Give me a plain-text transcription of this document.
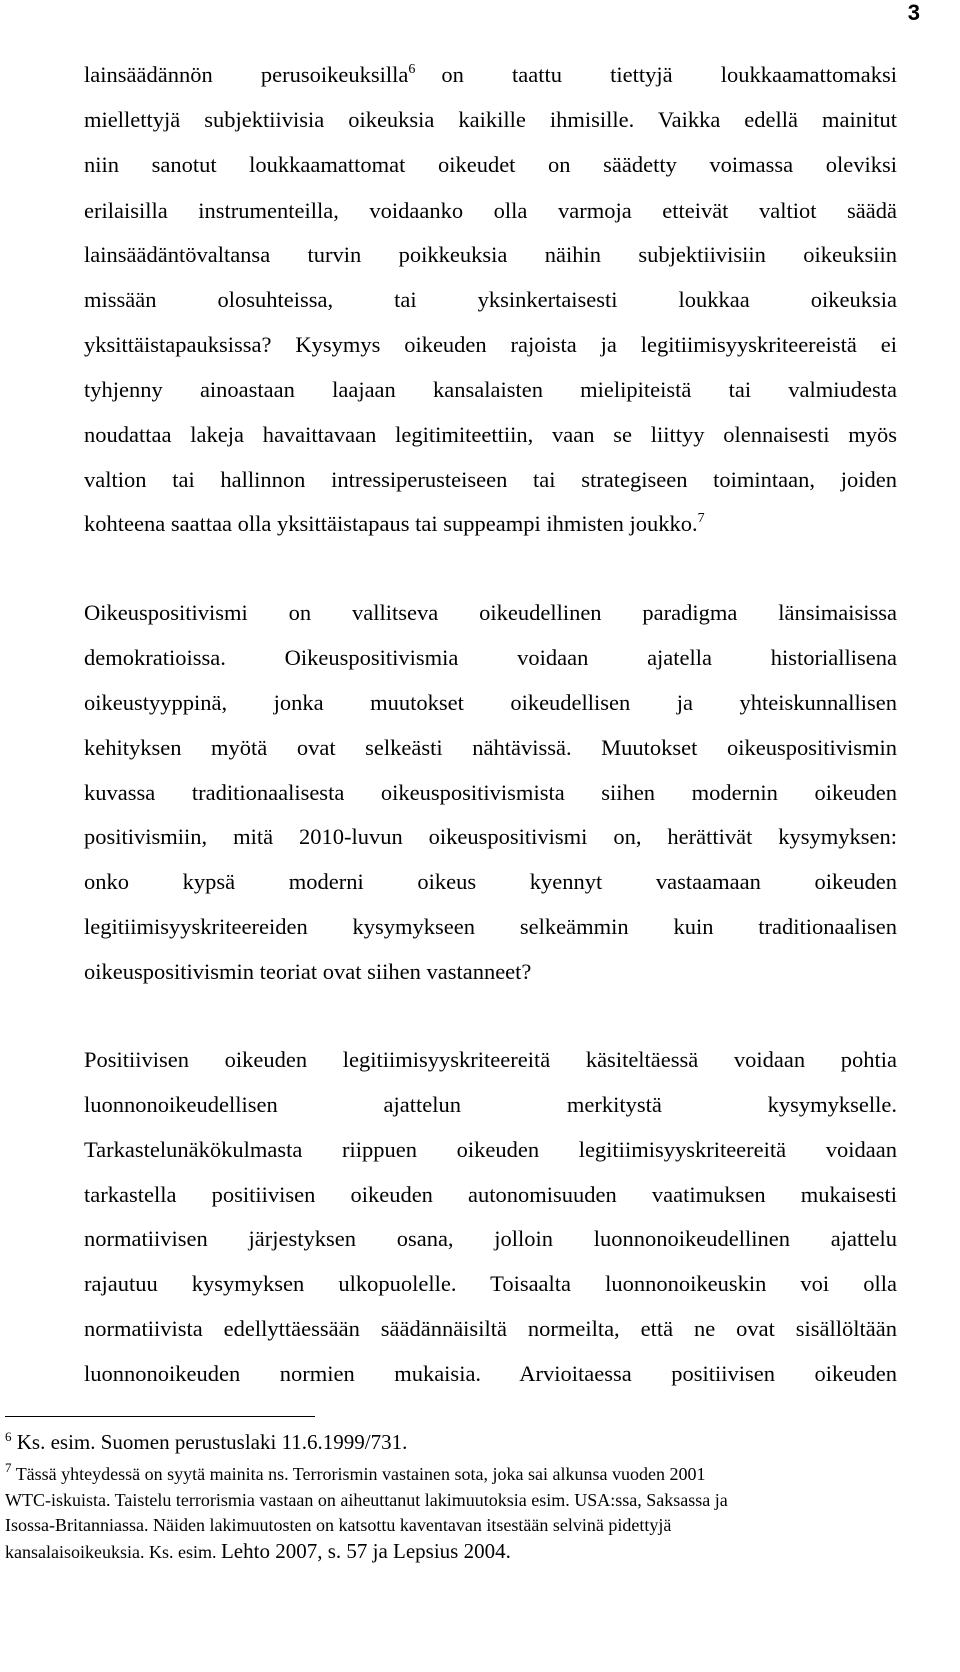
3
lainsäädännön perusoikeuksilla$^6$ on taattu tiettyjä loukkaamattomaksi
miellettyjä subjektiivisia oikeuksia kaikille ihmisille. Vaikka edellä mainitut
niin sanotut loukkaamattomat oikeudet on säädetty voimassa oleviksi
erilaisilla instrumenteilla, voidaanko olla varmoja etteivät valtiot säädä
lainsäädäntövaltansa turvin poikkeuksia näihin subjektiivisiin oikeuksiin
missään olosuhteissa, tai yksinkertaisesti loukkaa oikeuksia
yksittäistapauksissa? Kysymys oikeuden rajoista ja legitiimisyyskriteereistä ei
tyhjenny ainoastaan laajaan kansalaisten mielipiteistä tai valmiudesta
noudattaa lakeja havaittavaan legitimiteettiin, vaan se liittyy olennaisesti myös
valtion tai hallinnon intressiperusteiseen tai strategiseen toimintaan, joiden
kohteena saattaa olla yksittäistapaus tai suppeampi ihmisten joukko.$^7$
Oikeuspositivismi on vallitseva oikeudellinen paradigma länsimaisissa
demokratioissa. Oikeuspositivismia voidaan ajatella historiallisena
oikeustyyppinä, jonka muutokset oikeudellisen ja yhteiskunnallisen
kehityksen myötä ovat selkeästi nähtävissä. Muutokset oikeuspositivismin
kuvassa traditionaalisesta oikeuspositivismista siihen modernin oikeuden
positivismiin, mitä 2010-luvun oikeuspositivismi on, herättivät kysymyksen:
onko kypsä moderni oikeus kyennyt vastaamaan oikeuden
legitiimisyyskriteereiden kysymykseen selkeämmin kuin traditionaalisen
oikeuspositivismin teoriat ovat siihen vastanneet?
Positiivisen oikeuden legitiimisyyskriteereitä käsiteltäessä voidaan pohtia
luonnonoikeudellisen ajattelun merkitystä kysymykselle.
Tarkastelunäkökulmasta riippuen oikeuden legitiimisyyskriteereitä voidaan
tarkastella positiivisen oikeuden autonomisuuden vaatimuksen mukaisesti
normatiivisen järjestyksen osana, jolloin luonnonoikeudellinen ajattelu
rajautuu kysymyksen ulkopuolelle. Toisaalta luonnonoikeuskin voi olla
normatiivista edellyttäessään säädännäisiltä normeilta, että ne ovat sisällöltään
luonnonoikeuden normien mukaisia. Arvioitaessa positiivisen oikeuden
$^6$ Ks. esim. Suomen perustuslaki 11.6.1999/731.
$^7$ Tässä yhteydessä on syytä mainita ns. Terrorismin vastainen sota, joka sai alkunsa vuoden 2001
WTC-iskuista. Taistelu terrorismia vastaan on aiheuttanut lakimuutoksia esim. USA:ssa, Saksassa ja
Isossa-Britanniassa. Näiden lakimuutosten on katsottu kaventavan itsestään selvinä pidettyjä
kansalaisoikeuksia. Ks. esim. Lehto 2007, s. 57 ja Lepsius 2004.
